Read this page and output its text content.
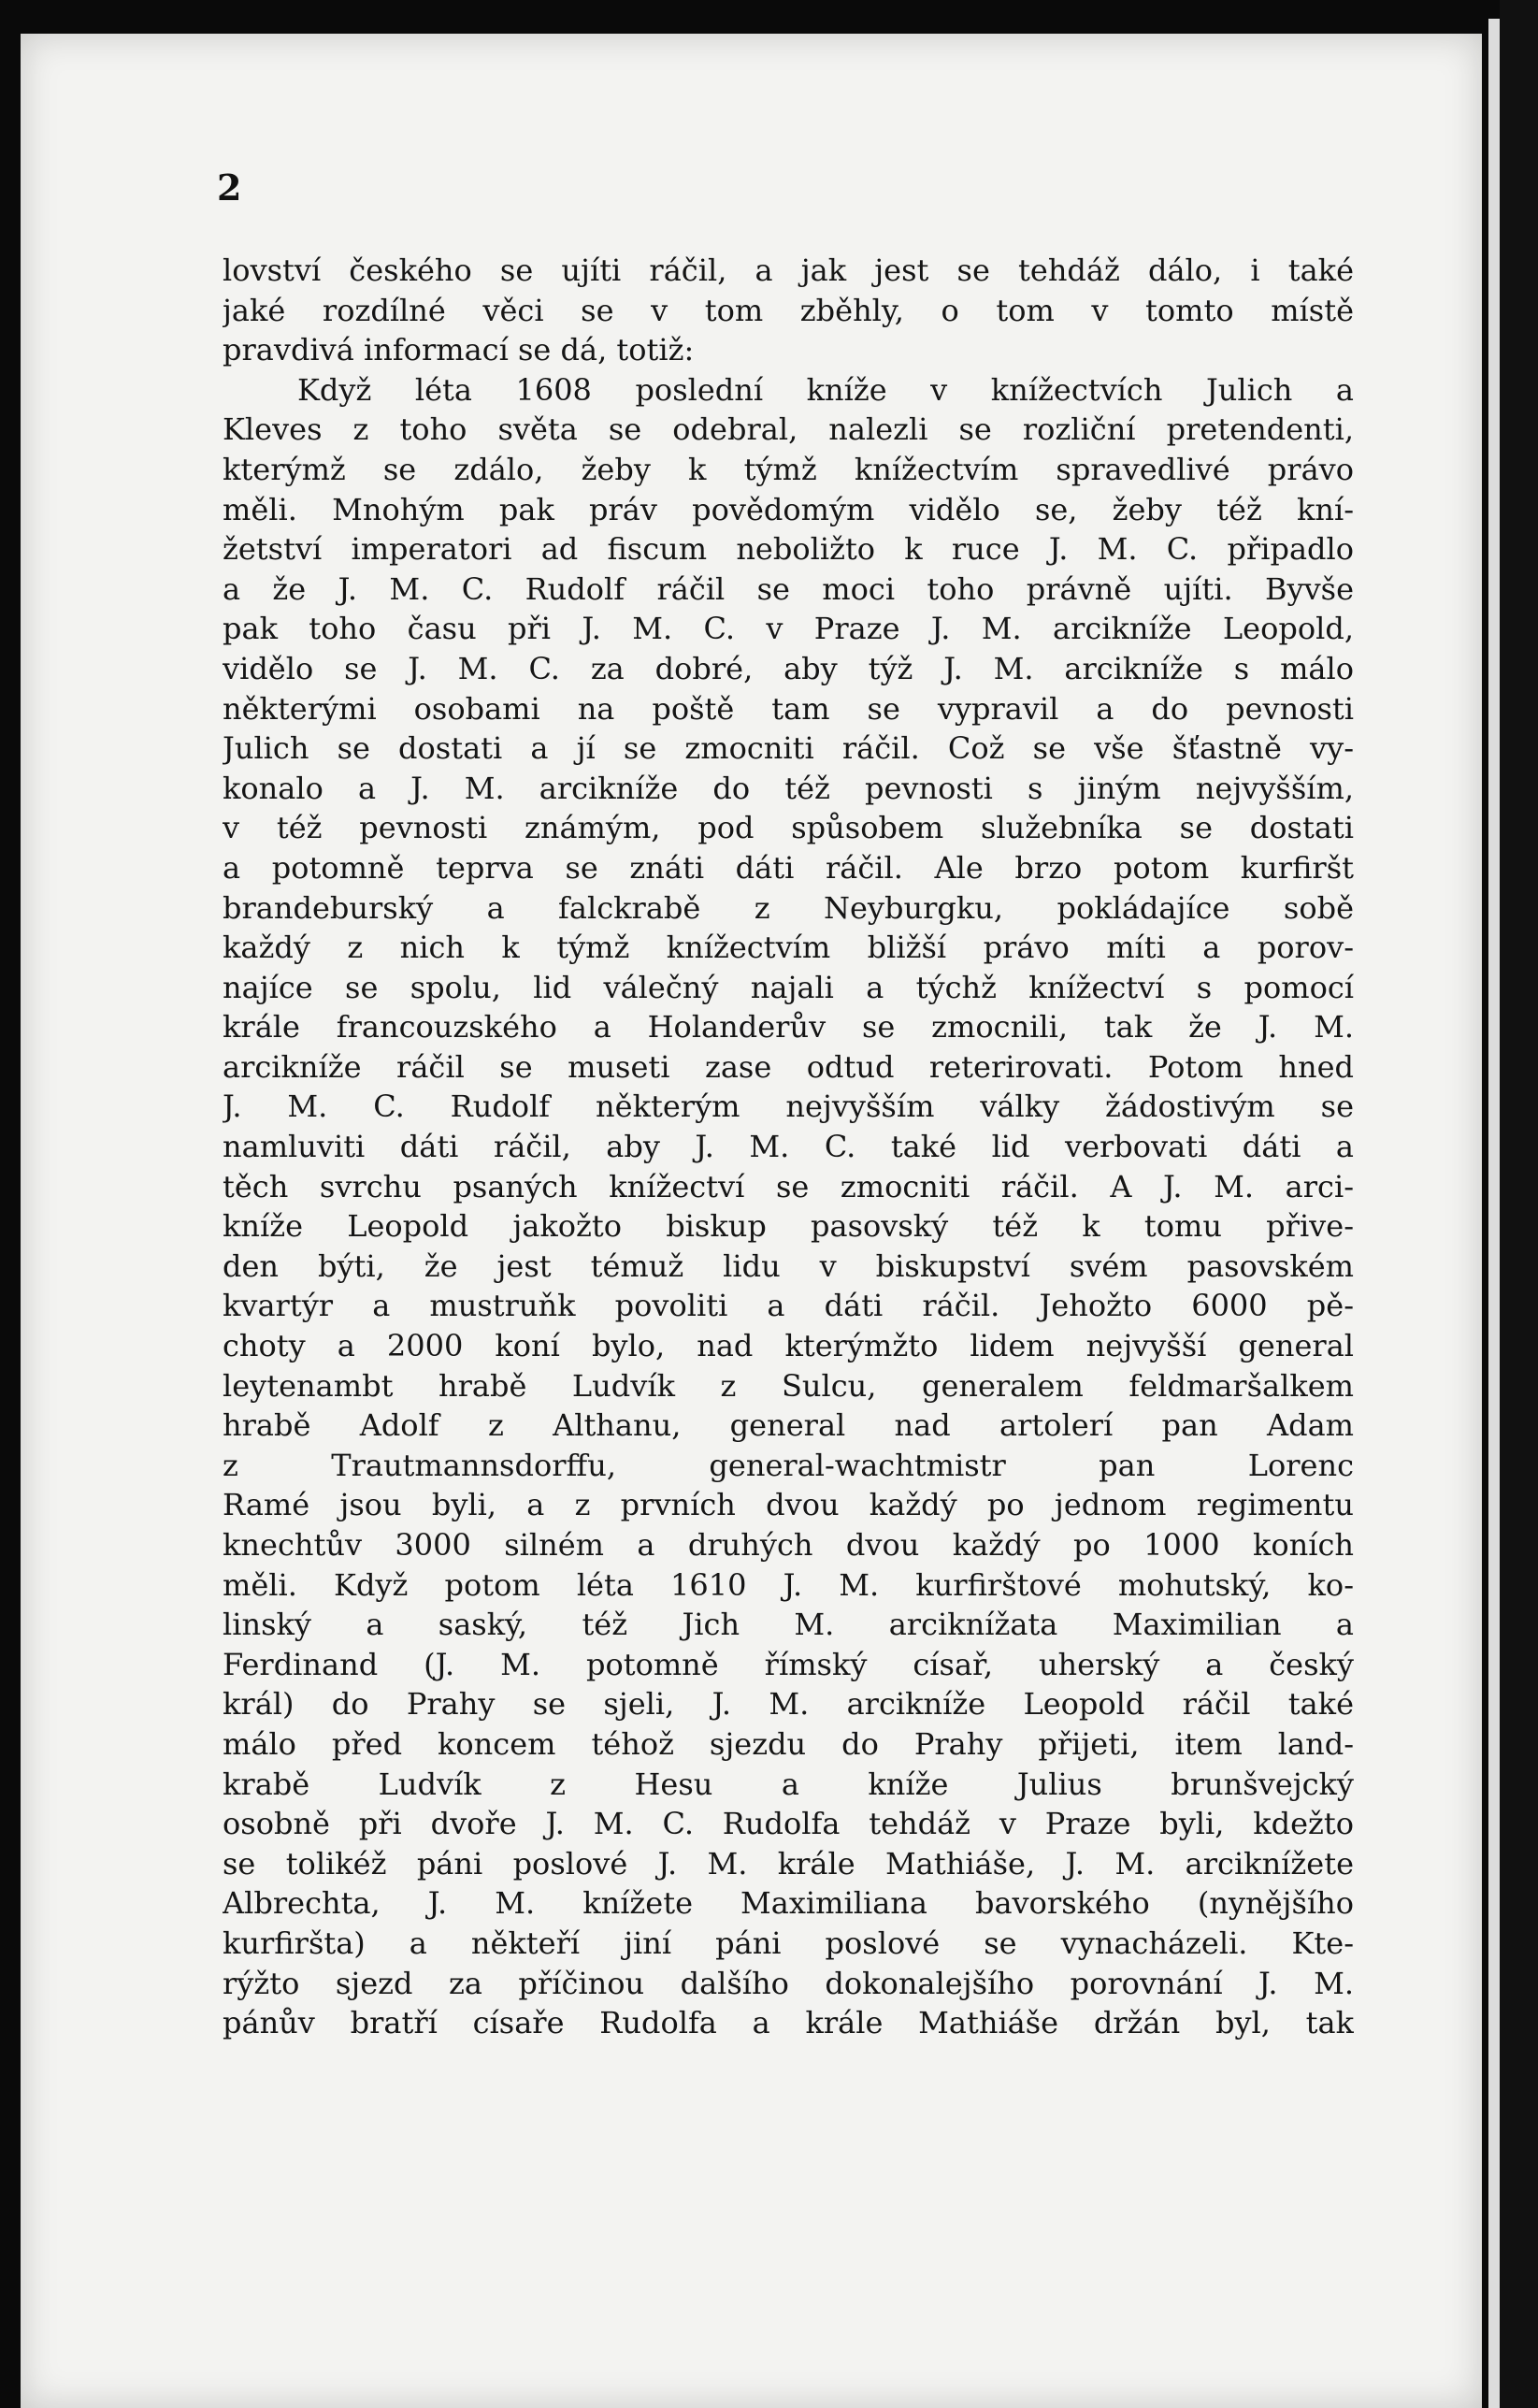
2
lovství českého se ujíti ráčil, a jak jest se tehdáž dálo, i také
jaké rozdílné věci se v tom zběhly, o tom v tomto místě
pravdivá informací se dá, totiž:
Když léta 1608 poslední kníže v knížectvích Julich a
Kleves z toho světa se odebral, nalezli se rozliční pretendenti,
kterýmž se zdálo, žeby k týmž knížectvím spravedlivé právo
měli. Mnohým pak práv povědomým vidělo se, žeby též kní-
žetství imperatori ad fiscum neboližto k ruce J. M. C. připadlo
a že J. M. C. Rudolf ráčil se moci toho právně ujíti. Byvše
pak toho času při J. M. C. v Praze J. M. arcikníže Leopold,
vidělo se J. M. C. za dobré, aby týž J. M. arcikníže s málo
některými osobami na poště tam se vypravil a do pevnosti
Julich se dostati a jí se zmocniti ráčil. Což se vše šťastně vy-
konalo a J. M. arcikníže do též pevnosti s jiným nejvyšším,
v též pevnosti známým, pod spůsobem služebníka se dostati
a potomně teprva se znáti dáti ráčil. Ale brzo potom kurfiršt
brandeburský a falckrabě z Neyburgku, pokládajíce sobě
každý z nich k týmž knížectvím bližší právo míti a porov-
najíce se spolu, lid válečný najali a týchž knížectví s pomocí
krále francouzského a Holanderův se zmocnili, tak že J. M.
arcikníže ráčil se museti zase odtud reterirovati. Potom hned
J. M. C. Rudolf některým nejvyšším války žádostivým se
namluviti dáti ráčil, aby J. M. C. také lid verbovati dáti a
těch svrchu psaných knížectví se zmocniti ráčil. A J. M. arci-
kníže Leopold jakožto biskup pasovský též k tomu přive-
den býti, že jest témuž lidu v biskupství svém pasovském
kvartýr a mustruňk povoliti a dáti ráčil. Jehožto 6000 pě-
choty a 2000 koní bylo, nad kterýmžto lidem nejvyšší general
leytenambt hrabě Ludvík z Sulcu, generalem feldmaršalkem
hrabě Adolf z Althanu, general nad artolerí pan Adam
z Trautmannsdorffu, general-wachtmistr pan Lorenc
Ramé jsou byli, a z prvních dvou každý po jednom regimentu
knechtův 3000 silném a druhých dvou každý po 1000 koních
měli. Když potom léta 1610 J. M. kurfirštové mohutský, ko-
linský a saský, též Jich M. arciknížata Maximilian a
Ferdinand (J. M. potomně římský císař, uherský a český
král) do Prahy se sjeli, J. M. arcikníže Leopold ráčil také
málo před koncem téhož sjezdu do Prahy přijeti, item land-
krabě Ludvík z Hesu a kníže Julius brunšvejcký
osobně při dvoře J. M. C. Rudolfa tehdáž v Praze byli, kdežto
se tolikéž páni poslové J. M. krále Mathiáše, J. M. arciknížete
Albrechta, J. M. knížete Maximiliana bavorského (nynějšího
kurfiršta) a někteří jiní páni poslové se vynacházeli. Kte-
rýžto sjezd za příčinou dalšího dokonalejšího porovnání J. M.
pánův bratří císaře Rudolfa a krále Mathiáše držán byl, tak
